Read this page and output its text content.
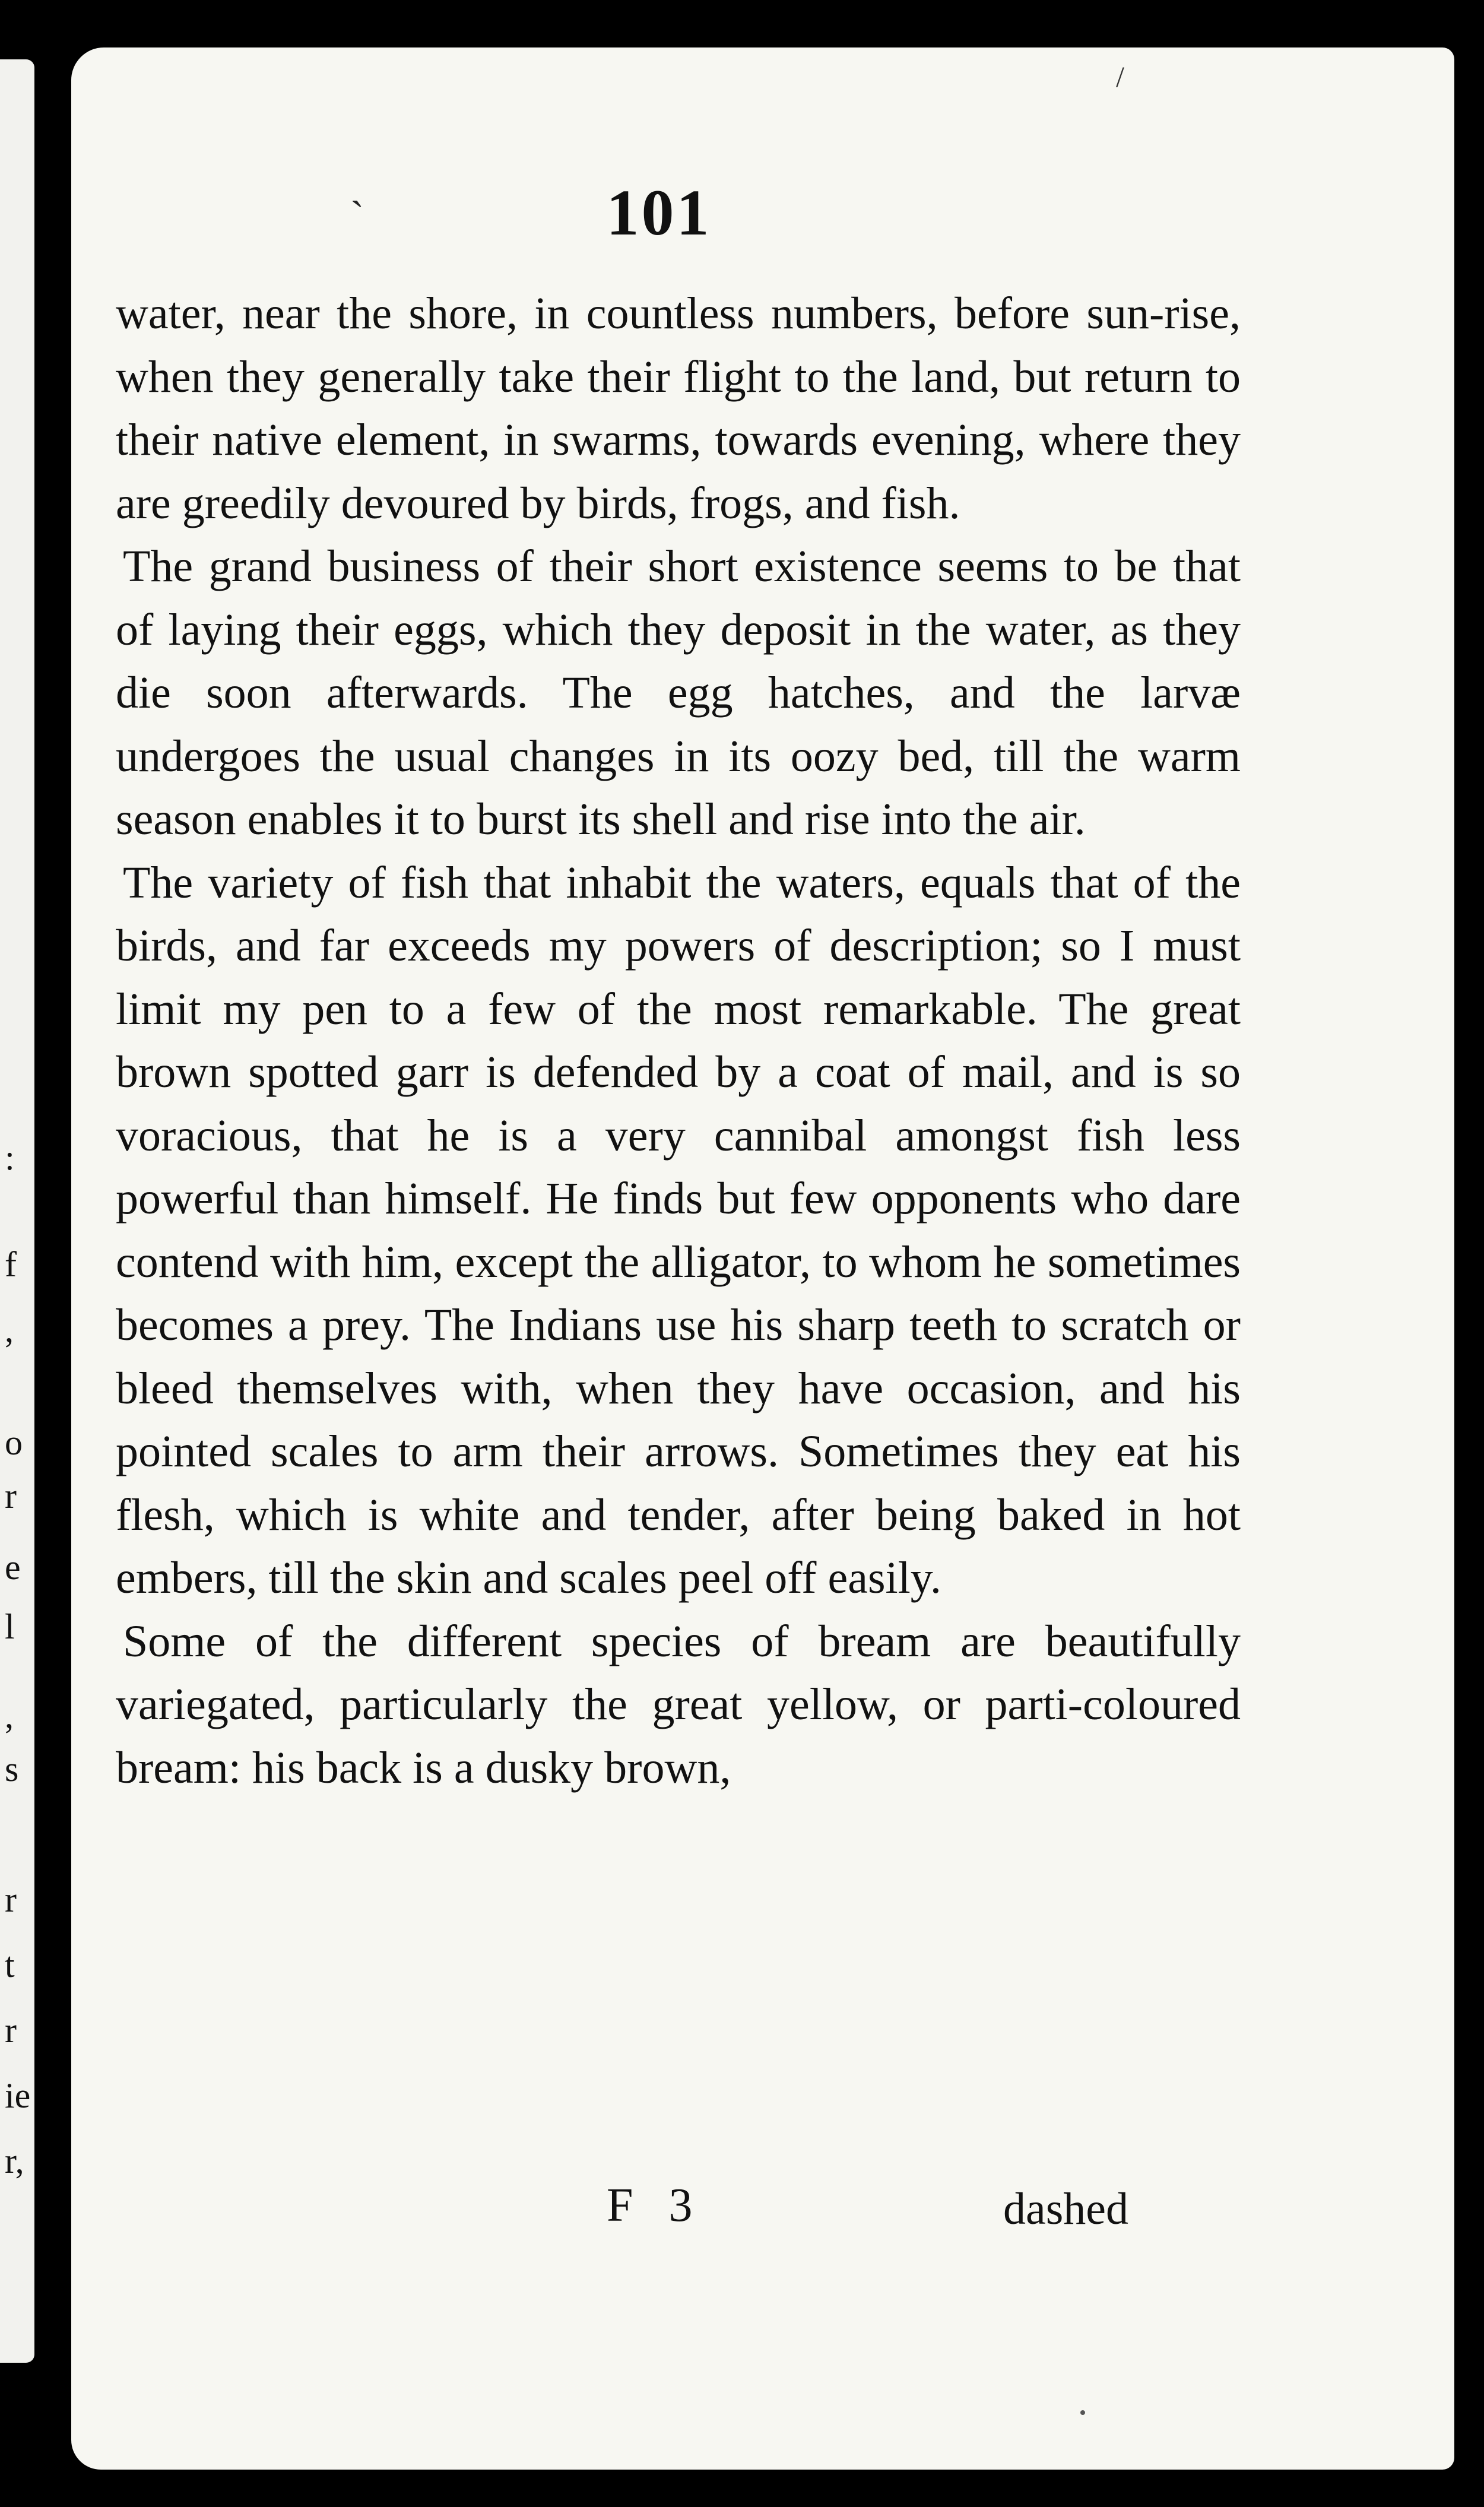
:
f
,
o
r
e
l
,
s
r
t
r
ie
r,
/
`	101

water, near the shore, in countless numbers, before sun-rise, when they generally take their flight to the land, but return to their native element, in swarms, towards evening, where they are greedily devoured by birds, frogs, and fish.

The grand business of their short existence seems to be that of laying their eggs, which they deposit in the water, as they die soon afterwards. The egg hatches, and the larvæ undergoes the usual changes in its oozy bed, till the warm season enables it to burst its shell and rise into the air.

The variety of fish that inhabit the waters, equals that of the birds, and far exceeds my powers of description; so I must limit my pen to a few of the most remarkable. The great brown spotted garr is defended by a coat of mail, and is so voracious, that he is a very cannibal amongst fish less powerful than himself. He finds but few opponents who dare contend with him, except the alligator, to whom he sometimes becomes a prey. The Indians use his sharp teeth to scratch or bleed themselves with, when they have occasion, and his pointed scales to arm their arrows. Sometimes they eat his flesh, which is white and tender, after being baked in hot embers, till the skin and scales peel off easily.

Some of the different species of bream are beautifully variegated, particularly the great yellow, or parti-coloured bream: his back is a dusky brown,

F 3	dashed
